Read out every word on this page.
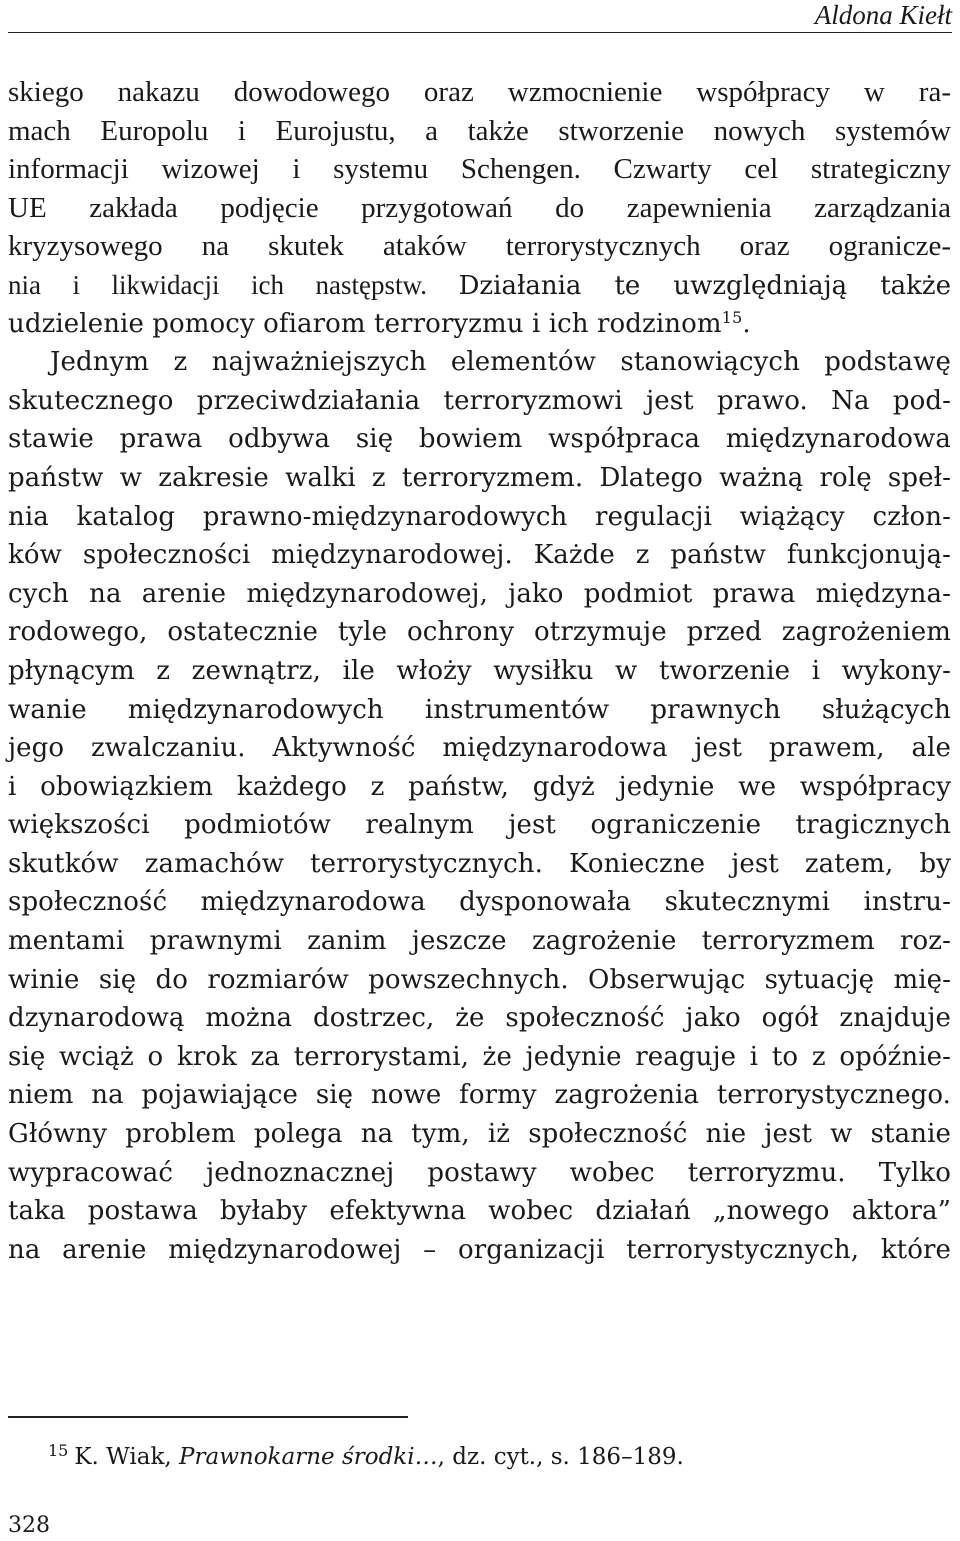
Aldona Kiełt
skiego nakazu dowodowego oraz wzmocnienie współpracy w ra-
mach Europolu i Eurojustu, a także stworzenie nowych systemów
informacji wizowej i systemu Schengen. Czwarty cel strategiczny
UE zakłada podjęcie przygotowań do zapewnienia zarządzania
kryzysowego na skutek ataków terrorystycznych oraz ogranicze-
nia i likwidacji ich następstw. Działania te uwzględniają także
udzielenie pomocy ofiarom terroryzmu i ich rodzinom$^{15}$.
Jednym z najważniejszych elementów stanowiących podstawę
skutecznego przeciwdziałania terroryzmowi jest prawo. Na pod-
stawie prawa odbywa się bowiem współpraca międzynarodowa
państw w zakresie walki z terroryzmem. Dlatego ważną rolę speł-
nia katalog prawno-międzynarodowych regulacji wiążący człon-
ków społeczności międzynarodowej. Każde z państw funkcjonują-
cych na arenie międzynarodowej, jako podmiot prawa międzyna-
rodowego, ostatecznie tyle ochrony otrzymuje przed zagrożeniem
płynącym z zewnątrz, ile włoży wysiłku w tworzenie i wykony-
wanie międzynarodowych instrumentów prawnych służących
jego zwalczaniu. Aktywność międzynarodowa jest prawem, ale
i obowiązkiem każdego z państw, gdyż jedynie we współpracy
większości podmiotów realnym jest ograniczenie tragicznych
skutków zamachów terrorystycznych. Konieczne jest zatem, by
społeczność międzynarodowa dysponowała skutecznymi instru-
mentami prawnymi zanim jeszcze zagrożenie terroryzmem roz-
winie się do rozmiarów powszechnych. Obserwując sytuację mię-
dzynarodową można dostrzec, że społeczność jako ogół znajduje
się wciąż o krok za terrorystami, że jedynie reaguje i to z opóźnie-
niem na pojawiające się nowe formy zagrożenia terrorystycznego.
Główny problem polega na tym, iż społeczność nie jest w stanie
wypracować jednoznacznej postawy wobec terroryzmu. Tylko
taka postawa byłaby efektywna wobec działań „nowego aktora”
na arenie międzynarodowej – organizacji terrorystycznych, które
$^{15}$ K. Wiak, Prawnokarne środki…, dz. cyt., s. 186–189.
328
